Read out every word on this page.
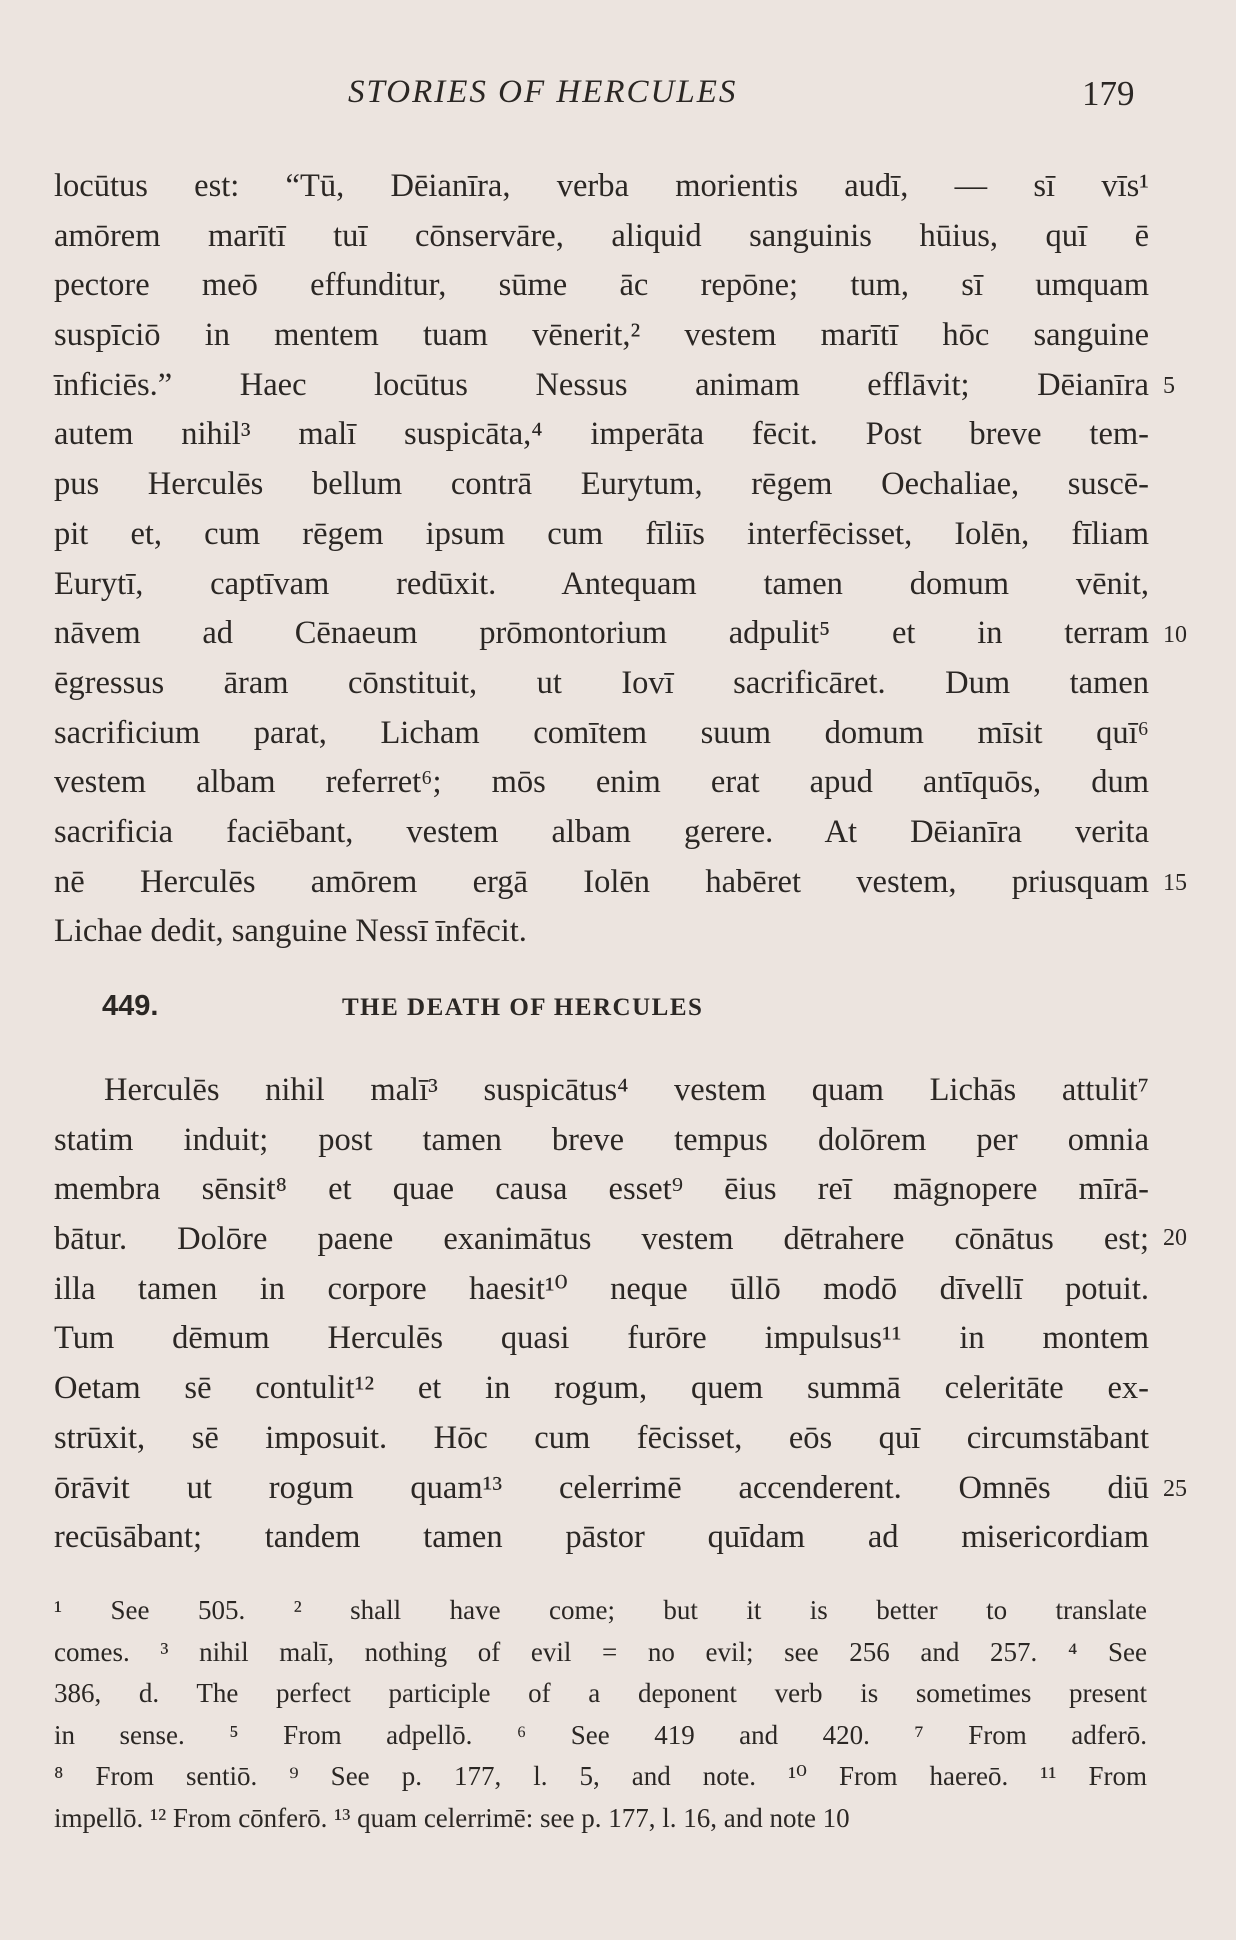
STORIES OF HERCULES	179
locūtus est: “Tū, Dēianīra, verba morientis audī, — sī vīs¹
amōrem marītī tuī cōnservāre, aliquid sanguinis hūius, quī ē
pectore meō effunditur, sūme āc repōne; tum, sī umquam
suspīciō in mentem tuam vēnerit,² vestem marītī hōc sanguine
īnficiēs.” Haec locūtus Nessus animam efflāvit; Dēianīra
autem nihil³ malī suspicāta,⁴ imperāta fēcit. Post breve tem-
pus Herculēs bellum contrā Eurytum, rēgem Oechaliae, suscē-
pit et, cum rēgem ipsum cum fīliīs interfēcisset, Iolēn, fīliam
Eurytī, captīvam redūxit. Antequam tamen domum vēnit,
nāvem ad Cēnaeum prōmontorium adpulit⁵ et in terram
ēgressus āram cōnstituit, ut Iovī sacrificāret. Dum tamen
sacrificium parat, Licham comītem suum domum mīsit quī⁶
vestem albam referret⁶; mōs enim erat apud antīquōs, dum
sacrificia faciēbant, vestem albam gerere. At Dēianīra verita
nē Herculēs amōrem ergā Iolēn habēret vestem, priusquam
Lichae dedit, sanguine Nessī īnfēcit.
5
10
15
449.	THE DEATH OF HERCULES
Herculēs nihil malī³ suspicātus⁴ vestem quam Lichās attulit⁷
statim induit; post tamen breve tempus dolōrem per omnia
membra sēnsit⁸ et quae causa esset⁹ ēius reī māgnopere mīrā-
bātur. Dolōre paene exanimātus vestem dētrahere cōnātus est;
illa tamen in corpore haesit¹⁰ neque ūllō modō dīvellī potuit.
Tum dēmum Herculēs quasi furōre impulsus¹¹ in montem
Oetam sē contulit¹² et in rogum, quem summā celeritāte ex-
strūxit, sē imposuit. Hōc cum fēcisset, eōs quī circumstābant
ōrāvit ut rogum quam¹³ celerrimē accenderent. Omnēs diū
recūsābant; tandem tamen pāstor quīdam ad misericordiam
20
25
¹ See 505. ² shall have come; but it is better to translate
comes. ³ nihil malī, nothing of evil = no evil; see 256 and 257. ⁴ See
386, d. The perfect participle of a deponent verb is sometimes present
in sense. ⁵ From adpellō. ⁶ See 419 and 420. ⁷ From adferō.
⁸ From sentiō. ⁹ See p. 177, l. 5, and note. ¹⁰ From haereō. ¹¹ From
impellō. ¹² From cōnferō. ¹³ quam celerrimē: see p. 177, l. 16, and note 10
